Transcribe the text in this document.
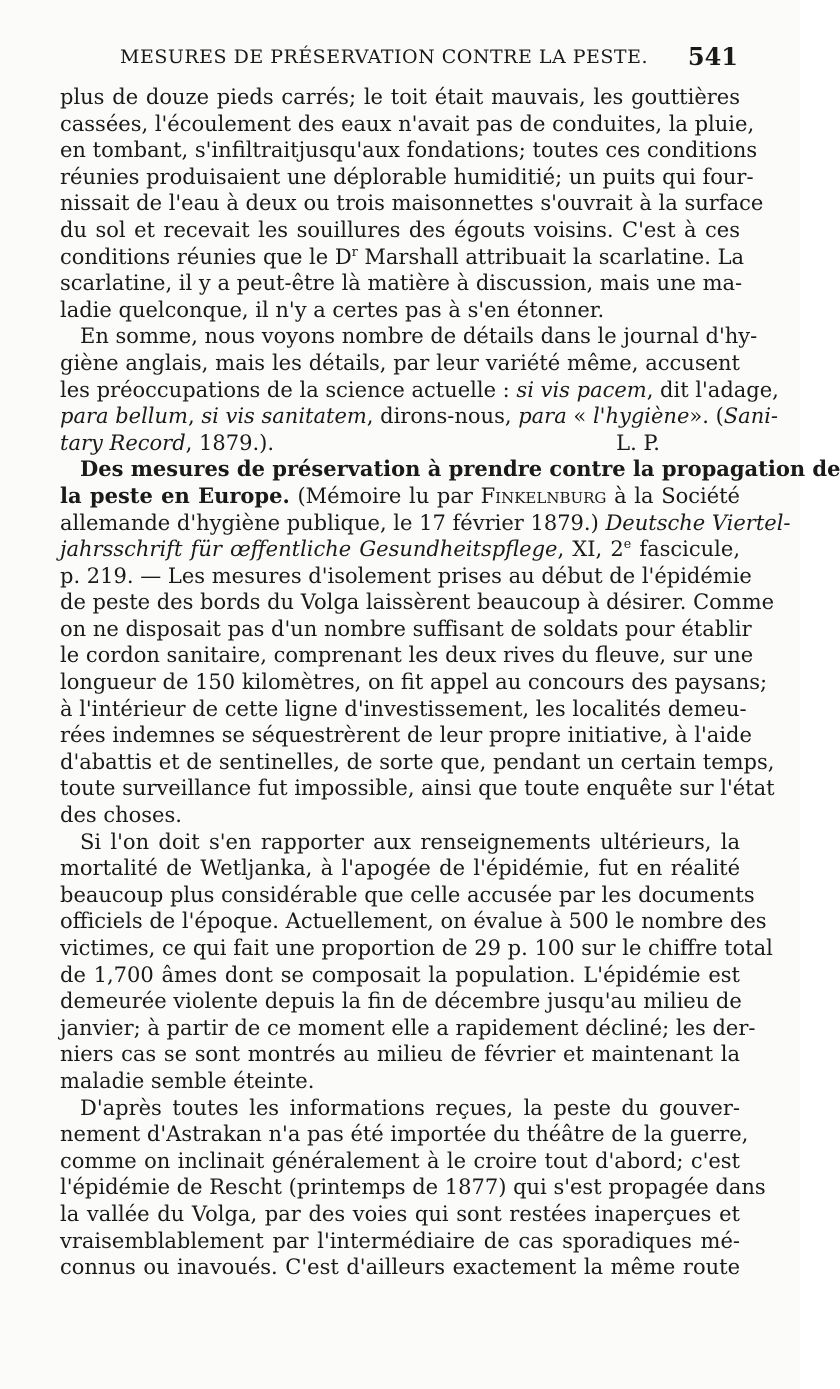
MESURES DE PRÉSERVATION CONTRE LA PESTE. 541
plus de douze pieds carrés; le toit était mauvais, les gouttières
cassées, l'écoulement des eaux n'avait pas de conduites, la pluie,
en tombant, s'infiltraitjusqu'aux fondations; toutes ces conditions
réunies produisaient une déplorable humiditié; un puits qui four-
nissait de l'eau à deux ou trois maisonnettes s'ouvrait à la surface
du sol et recevait les souillures des égouts voisins. C'est à ces
conditions réunies que le $D^r$ Marshall attribuait la scarlatine. La
scarlatine, il y a peut-être là matière à discussion, mais une ma-
ladie quelconque, il n'y a certes pas à s'en étonner.
En somme, nous voyons nombre de détails dans le journal d'hy-
giène anglais, mais les détails, par leur variété même, accusent
les préoccupations de la science actuelle : si vis pacem, dit l'adage,
para bellum, si vis sanitatem, dirons-nous, para « l'hygiène». (Sani-
tary Record, 1879.).	L. P.
Des mesures de préservation à prendre contre la propagation de
la peste en Europe. (Mémoire lu par Finkelnburg à la Société
allemande d'hygiène publique, le 17 février 1879.) Deutsche Viertel-
jahrsschrift für œffentliche Gesundheitspflege, XI, 2e fascicule,
p. 219. — Les mesures d'isolement prises au début de l'épidémie
de peste des bords du Volga laissèrent beaucoup à désirer. Comme
on ne disposait pas d'un nombre suffisant de soldats pour établir
le cordon sanitaire, comprenant les deux rives du fleuve, sur une
longueur de 150 kilomètres, on fit appel au concours des paysans;
à l'intérieur de cette ligne d'investissement, les localités demeu-
rées indemnes se séquestrèrent de leur propre initiative, à l'aide
d'abattis et de sentinelles, de sorte que, pendant un certain temps,
toute surveillance fut impossible, ainsi que toute enquête sur l'état
des choses.
Si l'on doit s'en rapporter aux renseignements ultérieurs, la
mortalité de Wetljanka, à l'apogée de l'épidémie, fut en réalité
beaucoup plus considérable que celle accusée par les documents
officiels de l'époque. Actuellement, on évalue à 500 le nombre des
victimes, ce qui fait une proportion de 29 p. 100 sur le chiffre total
de 1,700 âmes dont se composait la population. L'épidémie est
demeurée violente depuis la fin de décembre jusqu'au milieu de
janvier; à partir de ce moment elle a rapidement décliné; les der-
niers cas se sont montrés au milieu de février et maintenant la
maladie semble éteinte.
D'après toutes les informations reçues, la peste du gouver-
nement d'Astrakan n'a pas été importée du théâtre de la guerre,
comme on inclinait généralement à le croire tout d'abord; c'est
l'épidémie de Rescht (printemps de 1877) qui s'est propagée dans
la vallée du Volga, par des voies qui sont restées inaperçues et
vraisemblablement par l'intermédiaire de cas sporadiques mé-
connus ou inavoués. C'est d'ailleurs exactement la même route
